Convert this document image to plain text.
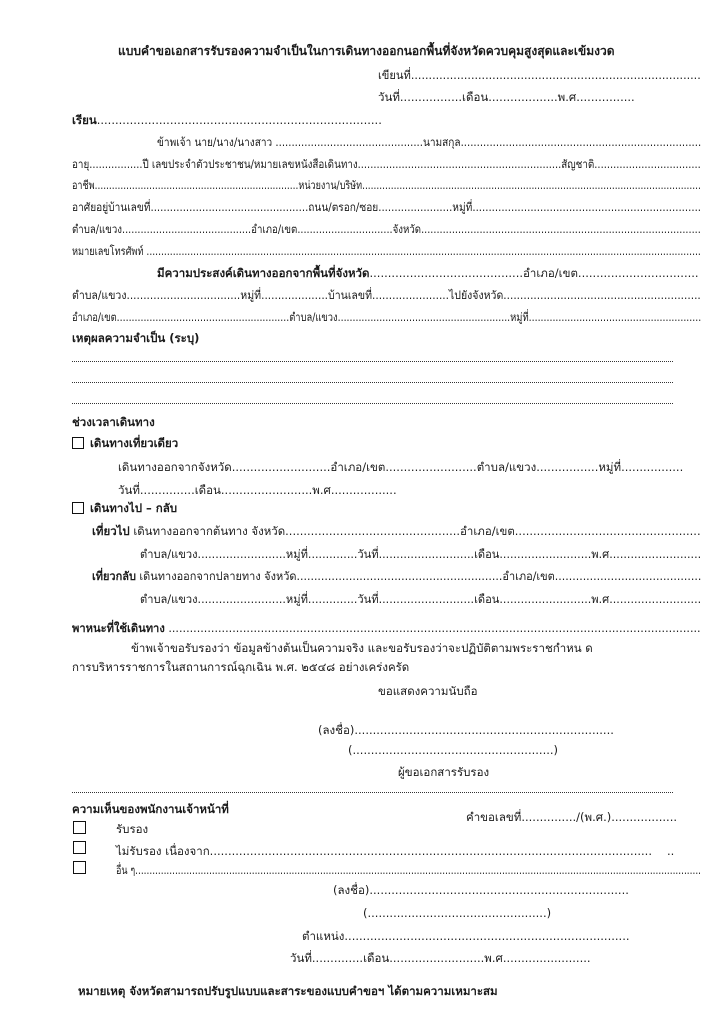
แบบคำขอเอกสารรับรองความจำเป็นในการเดินทางออกนอกพื้นที่จังหวัดควบคุมสูงสุดและเข้มงวด
เขียนที่..................................................................................
วันที่.................เดือน...................พ.ศ................
เรียน..............................................................................
ข้าพเจ้า นาย/นาง/นางสาว ..............................................นามสกุล...........................................................................
อายุ.................ปี เลขประจำตัวประชาชน/หมายเลขหนังสือเดินทาง.................................................................สัญชาติ..................................
อาชีพ.......................................................................หน่วยงาน/บริษัท......................................................................................................................
อาศัยอยู่บ้านเลขที่.................................................ถนน/ตรอก/ซอย.......................หมู่ที่.......................................................................
ตำบล/แขวง..........................................อำเภอ/เขต...............................จังหวัด...........................................................................................
หมายเลขโทรศัพท์ ..............................................................................................................................................................................................
มีความประสงค์เดินทางออกจากพื้นที่จังหวัด..........................................อำเภอ/เขต.................................
ตำบล/แขวง..................................หมู่ที่....................บ้านเลขที่.......................ไปยังจังหวัด...........................................................
อำเภอ/เขต..........................................................ตำบล/แขวง..........................................................หมู่ที่..........................................................
เหตุผลความจำเป็น (ระบุ)
ช่วงเวลาเดินทาง
เดินทางเที่ยวเดียว
เดินทางออกจากจังหวัด...........................อำเภอ/เขต.........................ตำบล/แขวง.................หมู่ที่.................
วันที่...............เดือน.........................พ.ศ..................
เดินทางไป – กลับ
เที่ยวไป เดินทางออกจากต้นทาง จังหวัด................................................อำเภอ/เขต...................................................
ตำบล/แขวง.........................หมู่ที่..............วันที่...........................เดือน..........................พ.ศ..........................
เที่ยวกลับ เดินทางออกจากปลายทาง จังหวัด...........................................................อำเภอ/เขต..........................................
ตำบล/แขวง.........................หมู่ที่..............วันที่...........................เดือน..........................พ.ศ..........................
พาหนะที่ใช้เดินทาง ......................................................................................................................................................
ข้าพเจ้าขอรับรองว่า ข้อมูลข้างต้นเป็นความจริง และขอรับรองว่าจะปฏิบัติตามพระราชกำหน ด
การบริหารราชการในสถานการณ์ฉุกเฉิน พ.ศ. ๒๕๔๘ อย่างเคร่งครัด
ขอแสดงความนับถือ
(ลงชื่อ).......................................................................
(.......................................................)
ผู้ขอเอกสารรับรอง
ความเห็นของพนักงานเจ้าหน้าที่
คำขอเลขที่.............../(พ.ศ.)..................
รับรอง
ไม่รับรอง เนื่องจาก......................................................................................................................... ..
อื่น ๆ.......................................................................................................................................................................................................
(ลงชื่อ).......................................................................
(.................................................)
ตำแหน่ง..............................................................................
วันที่..............เดือน..........................พ.ศ........................
หมายเหตุ จังหวัดสามารถปรับรูปแบบและสาระของแบบคำขอฯ ได้ตามความเหมาะสม
